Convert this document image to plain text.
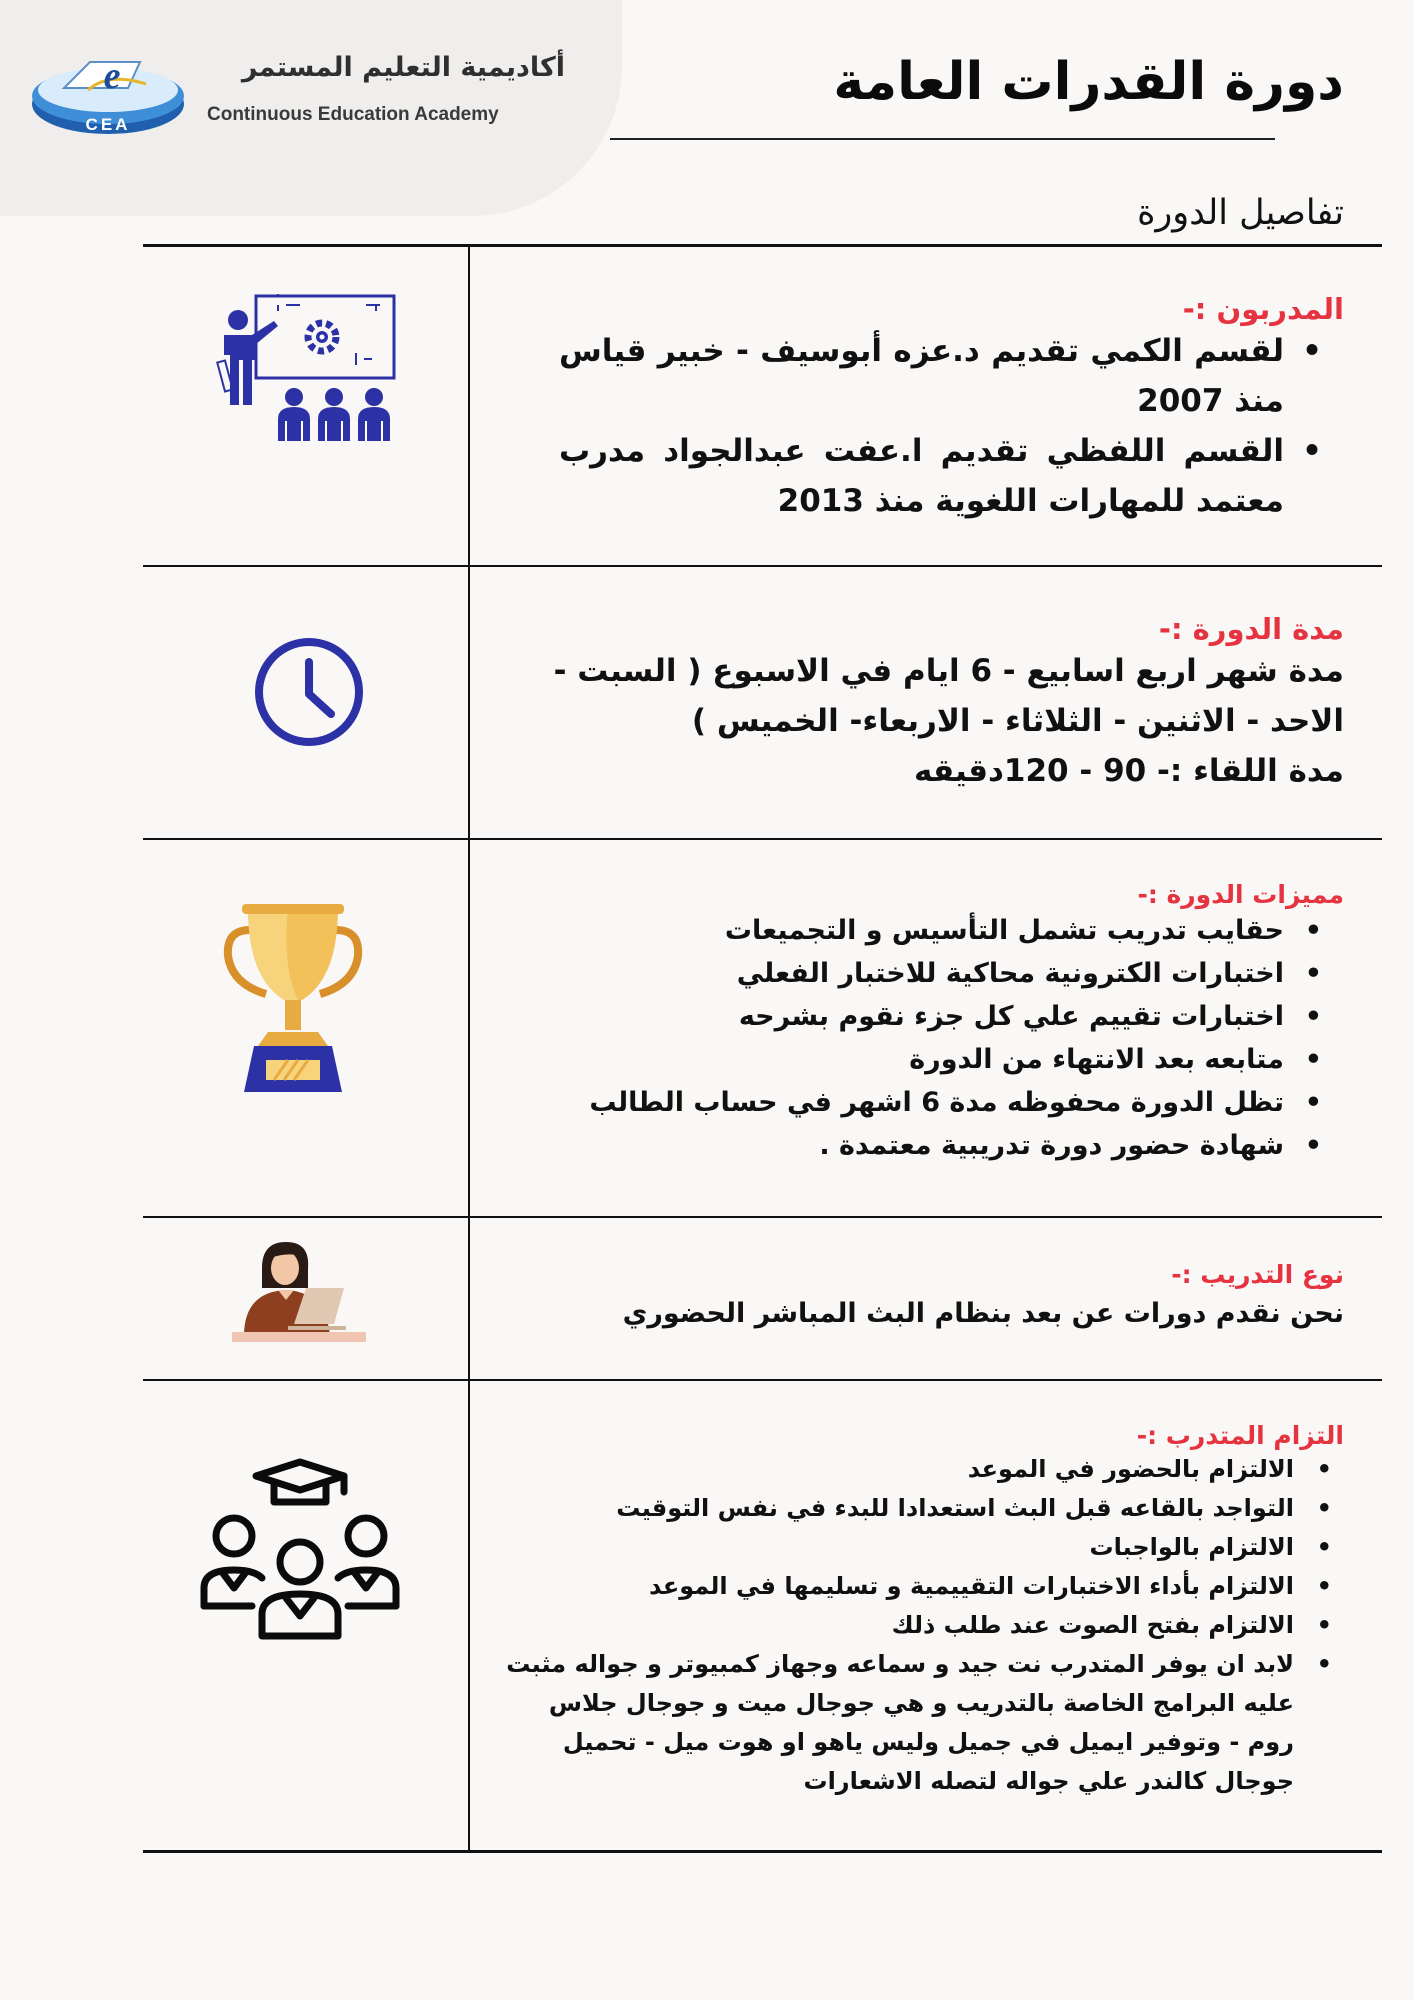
e
CEA
أكاديمية التعليم المستمر
Continuous Education Academy
دورة القدرات العامة
تفاصيل الدورة
المدربون :-
• لقسم الكمي تقديم د.عزه أبوسيف - خبير قياس منذ 2007
• القسم اللفظي تقديم ا.عفت عبدالجواد مدرب معتمد للمهارات اللغوية منذ 2013
مدة الدورة :-
مدة شهر اربع اسابيع - 6 ايام في الاسبوع ( السبت -
الاحد - الاثنين - الثلاثاء - الاربعاء- الخميس )
مدة اللقاء :- 90 - 120دقيقه
مميزات الدورة :-
• حقايب تدريب تشمل التأسيس و التجميعات
• اختبارات الكترونية محاكية للاختبار الفعلي
• اختبارات تقييم علي كل جزء نقوم بشرحه
• متابعه بعد الانتهاء من الدورة
• تظل الدورة محفوظه مدة 6 اشهر في حساب الطالب
• شهادة حضور دورة تدريبية معتمدة .
نوع التدريب :-
نحن نقدم دورات عن بعد بنظام البث المباشر الحضوري
التزام المتدرب :-
• الالتزام بالحضور في الموعد
• التواجد بالقاعه قبل البث استعدادا للبدء في نفس التوقيت
• الالتزام بالواجبات
• الالتزام بأداء الاختبارات التقييمية و تسليمها في الموعد
• الالتزام بفتح الصوت عند طلب ذلك
• لابد ان يوفر المتدرب نت جيد و سماعه وجهاز كمبيوتر و جواله مثبت عليه البرامج الخاصة بالتدريب و هي جوجال ميت و جوجال جلاس روم - وتوفير ايميل في جميل وليس ياهو او هوت ميل - تحميل جوجال كالندر علي جواله لتصله الاشعارات
